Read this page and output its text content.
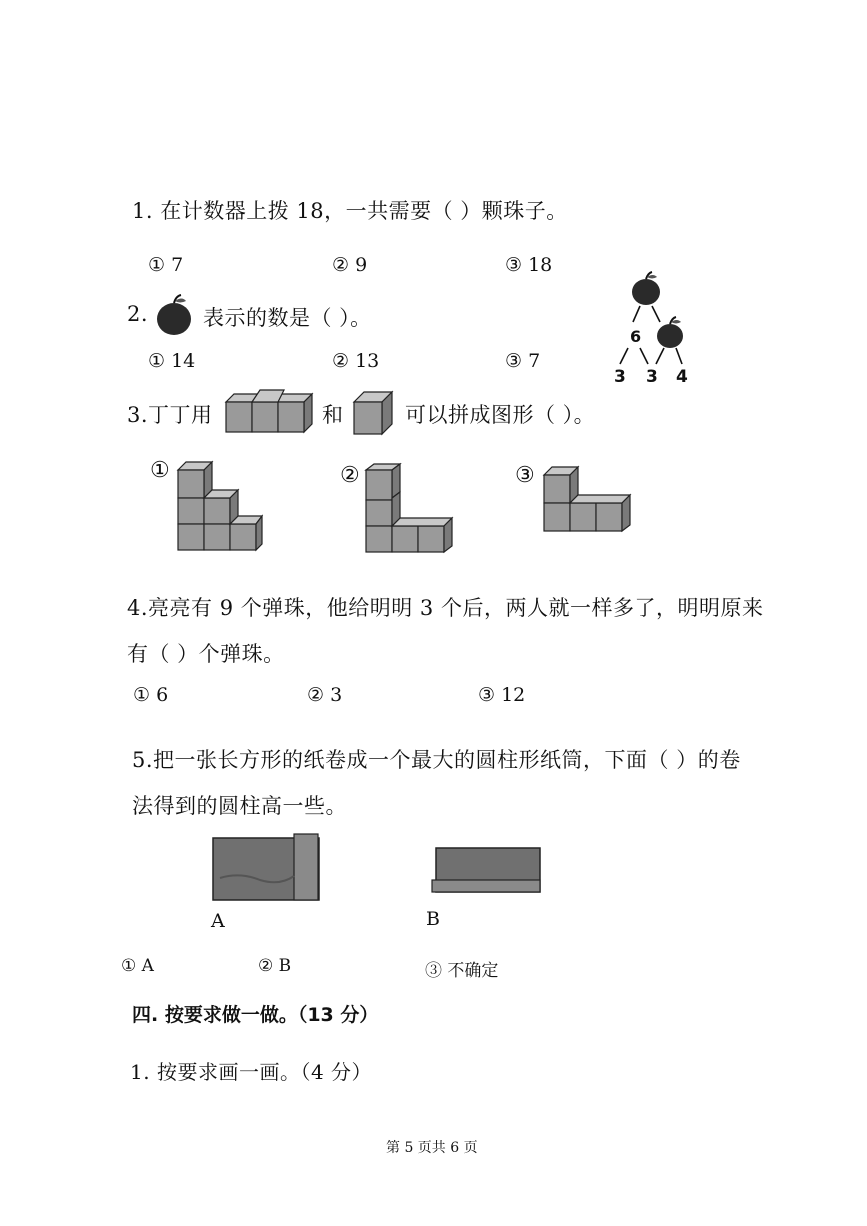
1. 在计数器上拨 18，一共需要（ ）颗珠子。
① 7	② 9	③ 18
2.	表示的数是（ ）。
① 14	② 13	③ 7
6
3 3 4
3.丁丁用	和	可以拼成图形（ ）。
①	②	③
4.亮亮有 9 个弹珠，他给明明 3 个后，两人就一样多了，明明原来
有（ ）个弹珠。
① 6	② 3	③ 12
5.把一张长方形的纸卷成一个最大的圆柱形纸筒，下面（ ）的卷
法得到的圆柱高一些。
A	B
① A	② B	③ 不确定
四. 按要求做一做。（13 分）
1. 按要求画一画。（4 分）
第 5 页共 6 页
